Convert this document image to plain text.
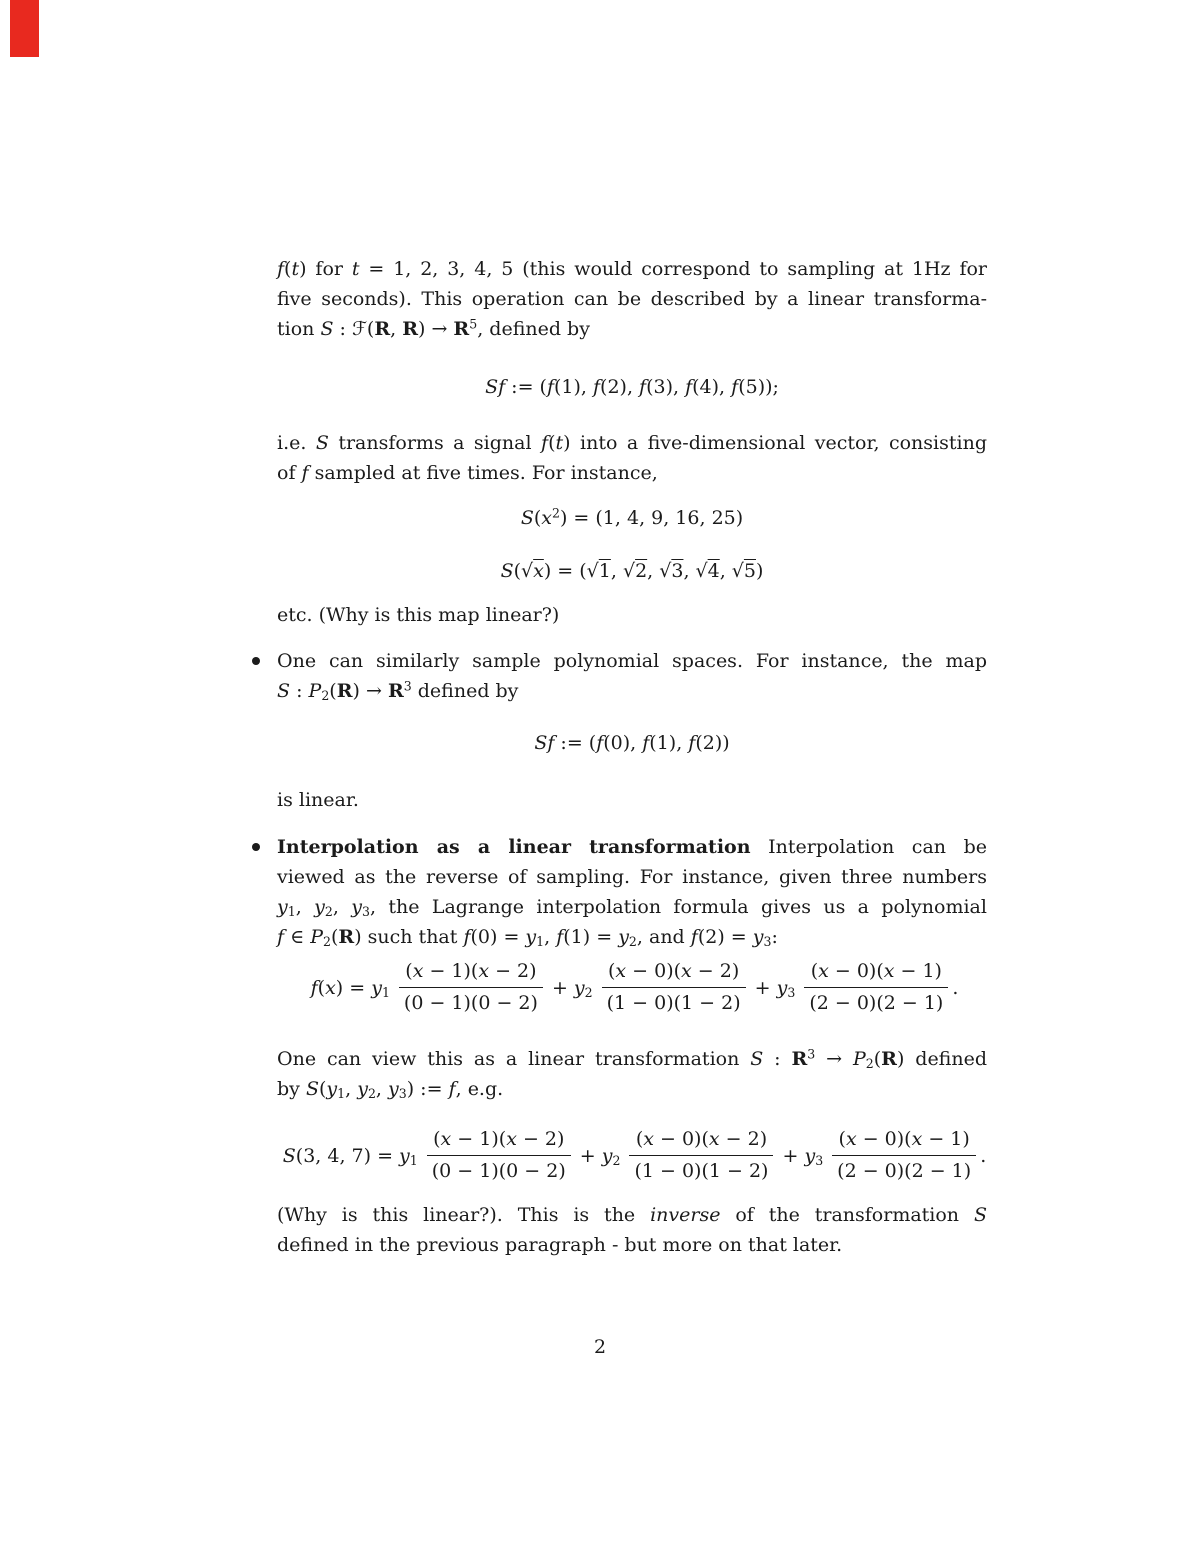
f(t) for t = 1, 2, 3, 4, 5 (this would correspond to sampling at 1Hz for
five seconds). This operation can be described by a linear transforma-
tion S : ℱ(R, $R) \to R^5$, defined by
Sf := (f(1), f(2), f(3), f(4), f(5));
i.e. S transforms a signal f(t) into a five-dimensional vector, consisting
of f sampled at five times. For instance,
$S(x^2) = (1$, 4, 9, 16, 25)
S(√x) = (√1, √2, √3, √4, √5)
etc. (Why is this map linear?)
One can similarly sample polynomial spaces. For instance, the map
S : $P_2(R) \to R^3$ defined by
Sf := (f(0), f(1), f(2))
is linear.
Interpolation as a linear transformation Interpolation can be
viewed as the reverse of sampling. For instance, given three numbers
$y_1$, $y_2$, $y_3$, the Lagrange interpolation formula gives us a polynomial
f ∈ $P_2(R)$ such that $f(0) = y_1$, $f(1) = y_2$, and $f(2) = y_3$:
$f(x) = y_1 \frac{(x - 1)(x - 2)}{(0 - 1)(0 - 2)} + y_2 \frac{(x - 0)(x - 2)}{(1 - 0)(1 - 2)} + y_3 \frac{(x - 0)(x - 1)}{(2 - 0)(2 - 1)}$ .
One can view this as a linear transformation S : $R^3 \to P_2(R)$ defined
by $S(y_1$, $y_2$, $y_3$) := f, e.g.
S(3, 4, $7) = y_1 \frac{(x - 1)(x - 2)}{(0 - 1)(0 - 2)} + y_2 \frac{(x - 0)(x - 2)}{(1 - 0)(1 - 2)} + y_3 \frac{(x - 0)(x - 1)}{(2 - 0)(2 - 1)}$ .
(Why is this linear?). This is the inverse of the transformation S
defined in the previous paragraph - but more on that later.
2
